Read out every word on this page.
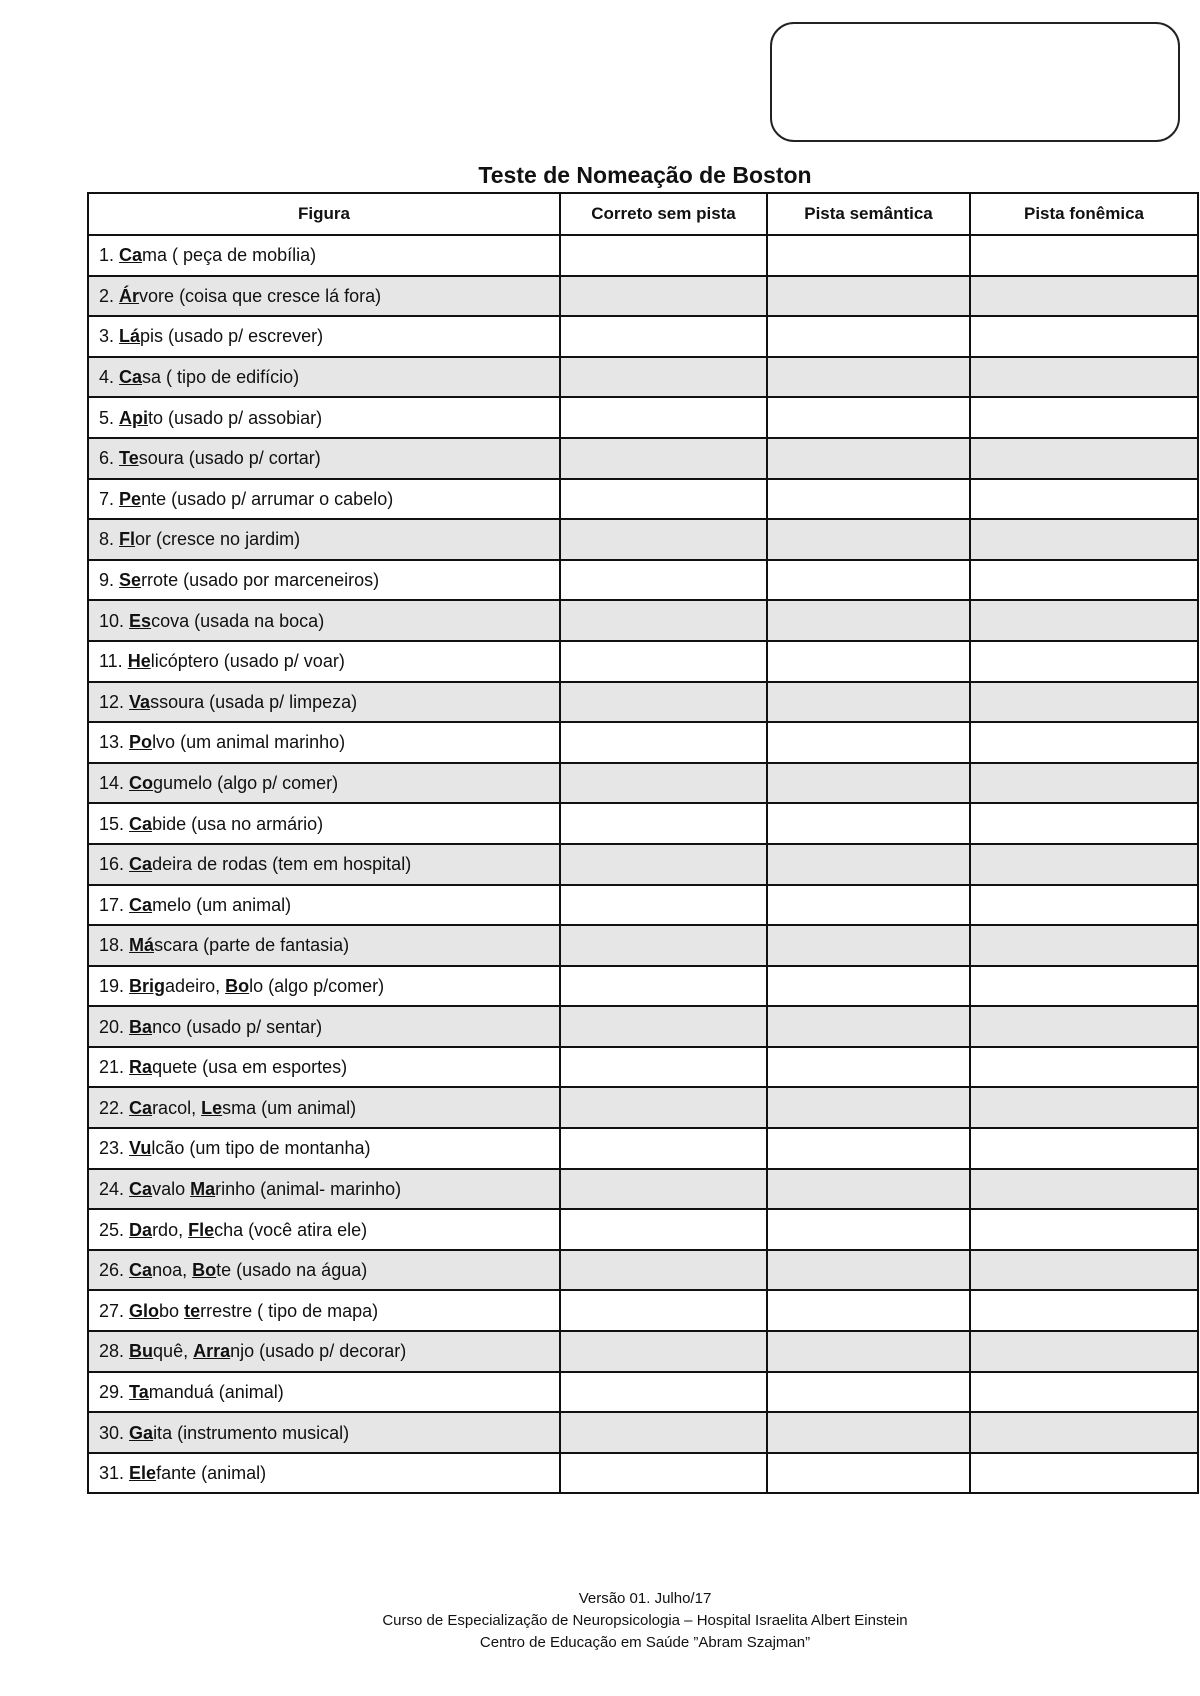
Teste de Nomeação de Boston
Figura	Correto sem pista	Pista semântica	Pista fonêmica
1. Cama ( peça de mobília)			
2. Árvore (coisa que cresce lá fora)			
3. Lápis (usado p/ escrever)			
4. Casa ( tipo de edifício)			
5. Apito (usado p/ assobiar)			
6. Tesoura (usado p/ cortar)			
7. Pente (usado p/ arrumar o cabelo)			
8. Flor (cresce no jardim)			
9. Serrote (usado por marceneiros)			
10. Escova (usada na boca)			
11. Helicóptero (usado p/ voar)			
12. Vassoura (usada p/ limpeza)			
13. Polvo (um animal marinho)			
14. Cogumelo (algo p/ comer)			
15. Cabide (usa no armário)			
16. Cadeira de rodas (tem em hospital)			
17. Camelo (um animal)			
18. Máscara (parte de fantasia)			
19. Brigadeiro, Bolo (algo p/comer)			
20. Banco (usado p/ sentar)			
21. Raquete (usa em esportes)			
22. Caracol, Lesma (um animal)			
23. Vulcão (um tipo de montanha)			
24. Cavalo Marinho (animal- marinho)			
25. Dardo, Flecha (você atira ele)			
26. Canoa, Bote (usado na água)			
27. Globo terrestre ( tipo de mapa)			
28. Buquê, Arranjo (usado p/ decorar)			
29. Tamanduá (animal)			
30. Gaita (instrumento musical)			
31. Elefante (animal)			
Versão 01. Julho/17
Curso de Especialização de Neuropsicologia – Hospital Israelita Albert Einstein
Centro de Educação em Saúde ”Abram Szajman”
